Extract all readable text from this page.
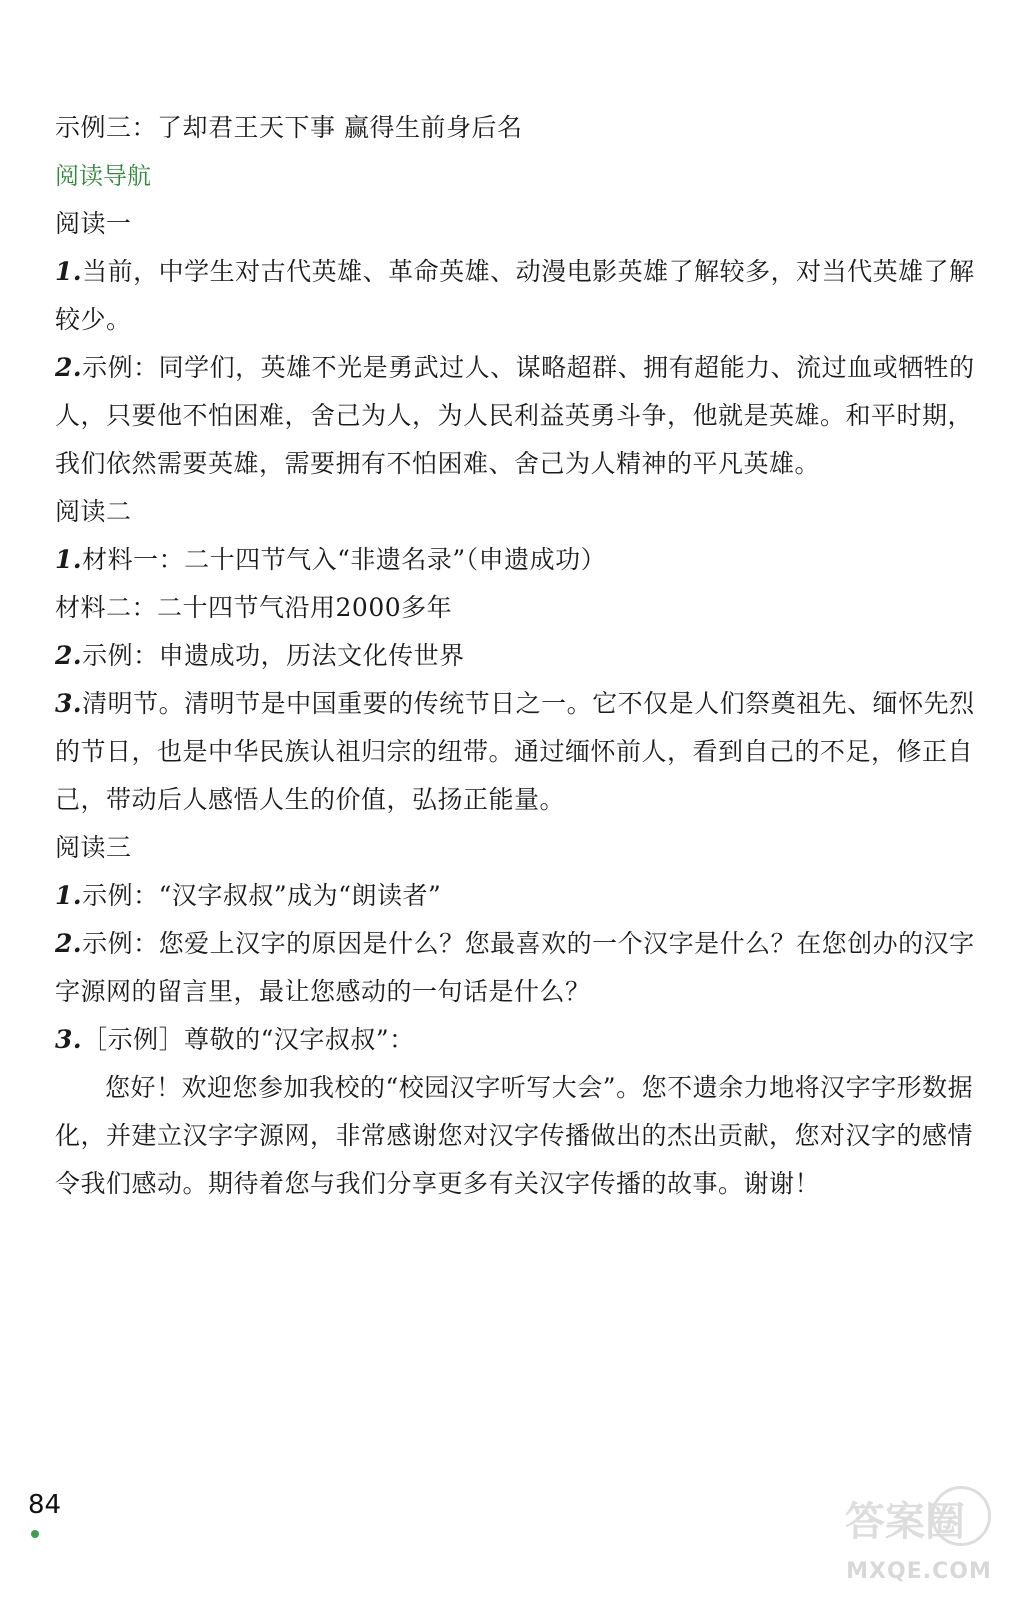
示例三：了却君王天下事 赢得生前身后名
阅读导航
阅读一
1.当前，中学生对古代英雄、革命英雄、动漫电影英雄了解较多，对当代英雄了解较少。
2.示例：同学们，英雄不光是勇武过人、谋略超群、拥有超能力、流过血或牺牲的人，只要他不怕困难，舍己为人，为人民利益英勇斗争，他就是英雄。和平时期，我们依然需要英雄，需要拥有不怕困难、舍己为人精神的平凡英雄。
阅读二
1.材料一：二十四节气入“非遗名录”（申遗成功）
材料二：二十四节气沿用2000多年
2.示例：申遗成功，历法文化传世界
3.清明节。清明节是中国重要的传统节日之一。它不仅是人们祭奠祖先、缅怀先烈的节日，也是中华民族认祖归宗的纽带。通过缅怀前人，看到自己的不足，修正自己，带动后人感悟人生的价值，弘扬正能量。
阅读三
1.示例：“汉字叔叔”成为“朗读者”
2.示例：您爱上汉字的原因是什么？您最喜欢的一个汉字是什么？在您创办的汉字字源网的留言里，最让您感动的一句话是什么？
3.［示例］尊敬的“汉字叔叔”：
您好！欢迎您参加我校的“校园汉字听写大会”。您不遗余力地将汉字字形数据化，并建立汉字字源网，非常感谢您对汉字传播做出的杰出贡献，您对汉字的感情令我们感动。期待着您与我们分享更多有关汉字传播的故事。谢谢！
84	答案圈
MXQE.COM
